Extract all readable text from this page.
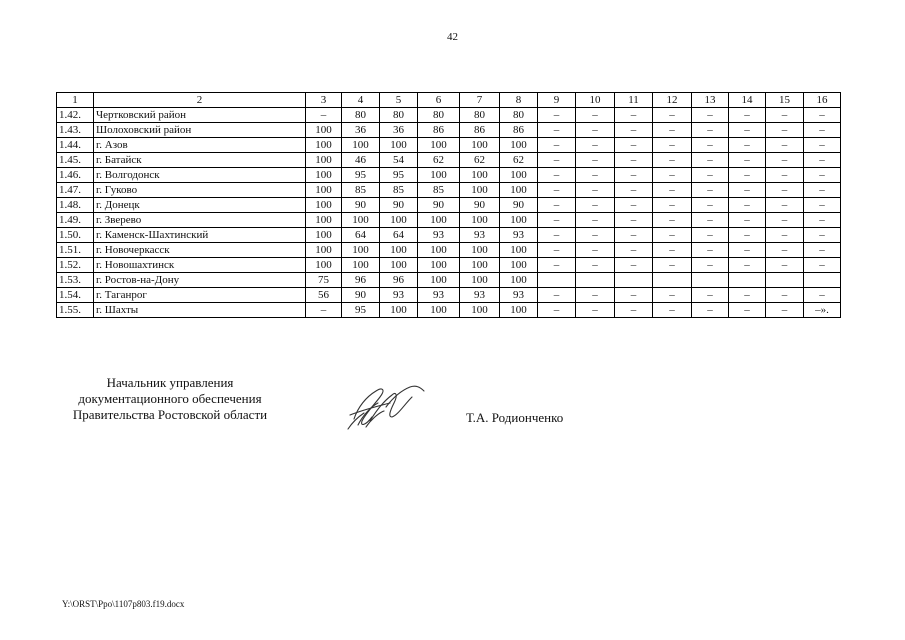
42
1	2	3	4	5	6	7	8	9	10	11	12	13	14	15	16
1.42.	Чертковский район	–	80	80	80	80	80	–	–	–	–	–	–	–	–
1.43.	Шолоховский район	100	36	36	86	86	86	–	–	–	–	–	–	–	–
1.44.	г. Азов	100	100	100	100	100	100	–	–	–	–	–	–	–	–
1.45.	г. Батайск	100	46	54	62	62	62	–	–	–	–	–	–	–	–
1.46.	г. Волгодонск	100	95	95	100	100	100	–	–	–	–	–	–	–	–
1.47.	г. Гуково	100	85	85	85	100	100	–	–	–	–	–	–	–	–
1.48.	г. Донецк	100	90	90	90	90	90	–	–	–	–	–	–	–	–
1.49.	г. Зверево	100	100	100	100	100	100	–	–	–	–	–	–	–	–
1.50.	г. Каменск-Шахтинский	100	64	64	93	93	93	–	–	–	–	–	–	–	–
1.51.	г. Новочеркасск	100	100	100	100	100	100	–	–	–	–	–	–	–	–
1.52.	г. Новошахтинск	100	100	100	100	100	100	–	–	–	–	–	–	–	–
1.53.	г. Ростов-на-Дону	75	96	96	100	100	100								
1.54.	г. Таганрог	56	90	93	93	93	93	–	–	–	–	–	–	–	–
1.55.	г. Шахты	–	95	100	100	100	100	–	–	–	–	–	–	–	–».
Начальник управления
документационного обеспечения
Правительства Ростовской области	Т.А. Родионченко
Y:\ORST\Ppo\1107p803.f19.docx
